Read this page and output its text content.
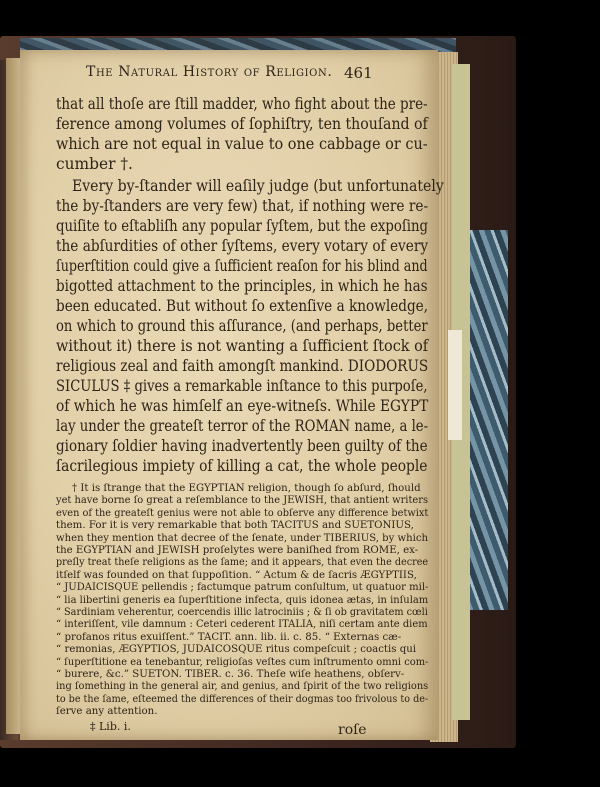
The Natural History of Religion. 461
that all thoſe are ſtill madder, who fight about the pre-
ference among volumes of ſophiſtry, ten thouſand of
which are not equal in value to one cabbage or cu-
cumber †.
Every by-ſtander will eaſily judge (but unfortunately
the by-ſtanders are very few) that, if nothing were re-
quiſite to eſtabliſh any popular ſyſtem, but the expoſing
the abſurdities of other ſyſtems, every votary of every
ſuperſtition could give a ſufficient reaſon for his blind and
bigotted attachment to the principles, in which he has
been educated. But without ſo extenſive a knowledge,
on which to ground this aſſurance, (and perhaps, better
without it) there is not wanting a ſufficient ſtock of
religious zeal and faith amongſt mankind. DIODORUS
SICULUS ‡ gives a remarkable inſtance to this purpoſe,
of which he was himſelf an eye-witneſs. While EGYPT
lay under the greateſt terror of the ROMAN name, a le-
gionary ſoldier having inadvertently been guilty of the
ſacrilegious impiety of killing a cat, the whole people
† It is ſtrange that the EGYPTIAN religion, though ſo abſurd, ſhould
yet have borne ſo great a reſemblance to the JEWISH, that antient writers
even of the greateſt genius were not able to obſerve any difference betwixt
them. For it is very remarkable that both TACITUS and SUETONIUS,
when they mention that decree of the ſenate, under TIBERIUS, by which
the EGYPTIAN and JEWISH proſelytes were baniſhed from ROME, ex-
preſly treat theſe religions as the ſame; and it appears, that even the decree
itſelf was founded on that ſuppoſition. “ Actum & de ſacris ÆGYPTIIS,
“ JUDAICISQUE pellendis ; factumque patrum conſultum, ut quatuor mil-
“ lia libertini generis ea ſuperſtitione infecta, quis idonea ætas, in inſulam
“ Sardiniam veherentur, coercendis illic latrociniis ; & ſi ob gravitatem cœli
“ interiſſent, vile damnum : Ceteri cederent ITALIA, niſi certam ante diem
“ profanos ritus exuiſſent.” TACIT. ann. lib. ii. c. 85. “ Externas cæ-
“ remonias, ÆGYPTIOS, JUDAICOSQUE ritus compeſcuit ; coactis qui
“ ſuperſtitione ea tenebantur, religioſas veſtes cum inſtrumento omni com-
“ burere, &c.” SUETON. TIBER. c. 36. Theſe wiſe heathens, obſerv-
ing ſomething in the general air, and genius, and ſpirit of the two religions
to be the ſame, eſteemed the differences of their dogmas too frivolous to de-
‡ Lib. i.	roſe
ſerve any attention.
